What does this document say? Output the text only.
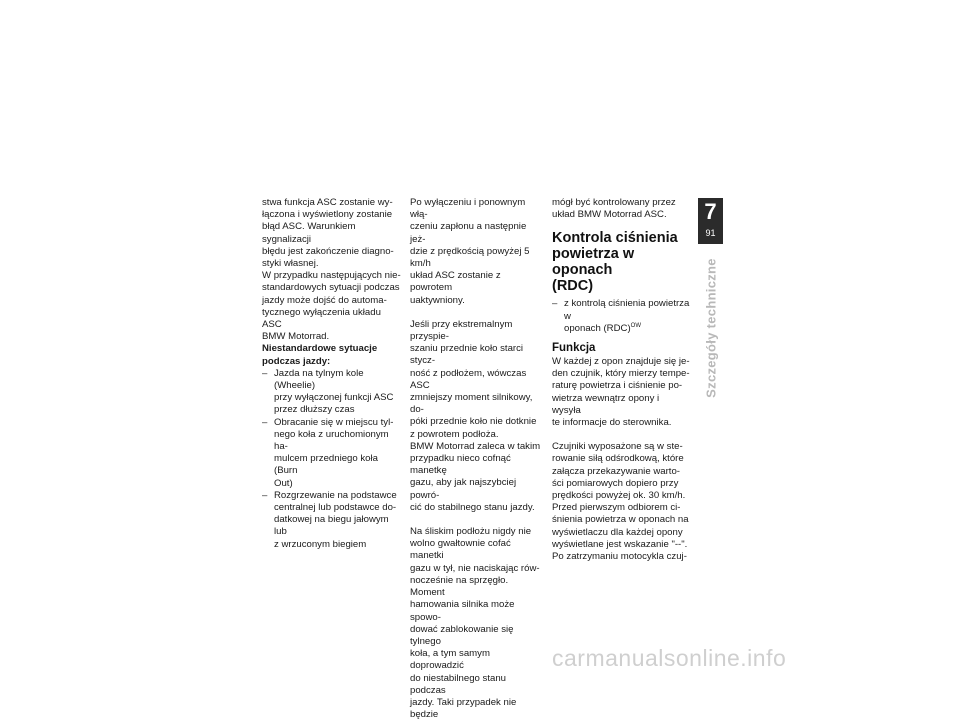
stwa funkcja ASC zostanie wy-
łączona i wyświetlony zostanie
błąd ASC. Warunkiem sygnalizacji
błędu jest zakończenie diagno-
styki własnej.
W przypadku następujących nie-
standardowych sytuacji podczas
jazdy może dojść do automa-
tycznego wyłączenia układu ASC
BMW Motorrad.

Niestandardowe sytuacje
podczas jazdy:

– Jazda na tylnym kole (Wheelie)
przy wyłączonej funkcji ASC
przez dłuższy czas
– Obracanie się w miejscu tyl-
nego koła z uruchomionym ha-
mulcem przedniego koła (Burn
Out)
– Rozgrzewanie na podstawce
centralnej lub podstawce do-
datkowej na biegu jałowym lub
z wrzuconym biegiem

Po wyłączeniu i ponownym włą-
czeniu zapłonu a następnie jeż-
dzie z prędkością powyżej 5 km/h
układ ASC zostanie z powrotem
uaktywniony.

Jeśli przy ekstremalnym przyspie-
szaniu przednie koło starci stycz-
ność z podłożem, wówczas ASC
zmniejszy moment silnikowy, do-
póki przednie koło nie dotknie
z powrotem podłoża.
BMW Motorrad zaleca w takim
przypadku nieco cofnąć manetkę
gazu, aby jak najszybciej powró-
cić do stabilnego stanu jazdy.

Na śliskim podłożu nigdy nie
wolno gwałtownie cofać manetki
gazu w tył, nie naciskając rów-
nocześnie na sprzęgło. Moment
hamowania silnika może spowo-
dować zablokowanie się tylnego
koła, a tym samym doprowadzić
do niestabilnego stanu podczas
jazdy. Taki przypadek nie będzie

mógł być kontrolowany przez
układ BMW Motorrad ASC.

Kontrola ciśnienia
powietrza w oponach
(RDC)
– z kontrolą ciśnienia powietrza w
oponach (RDC)$^{OW}$
Funkcja

W każdej z opon znajduje się je-
den czujnik, który mierzy tempe-
raturę powietrza i ciśnienie po-
wietrza wewnątrz opony i wysyła
te informacje do sterownika.

Czujniki wyposażone są w ste-
rowanie siłą odśrodkową, które
załącza przekazywanie warto-
ści pomiarowych dopiero przy
prędkości powyżej ok. 30 km/h.
Przed pierwszym odbiorem ci-
śnienia powietrza w oponach na
wyświetlaczu dla każdej opony
wyświetlane jest wskazanie "--".
Po zatrzymaniu motocykla czuj-

7
91
Szczegóły techniczne
carmanualsonline.info
